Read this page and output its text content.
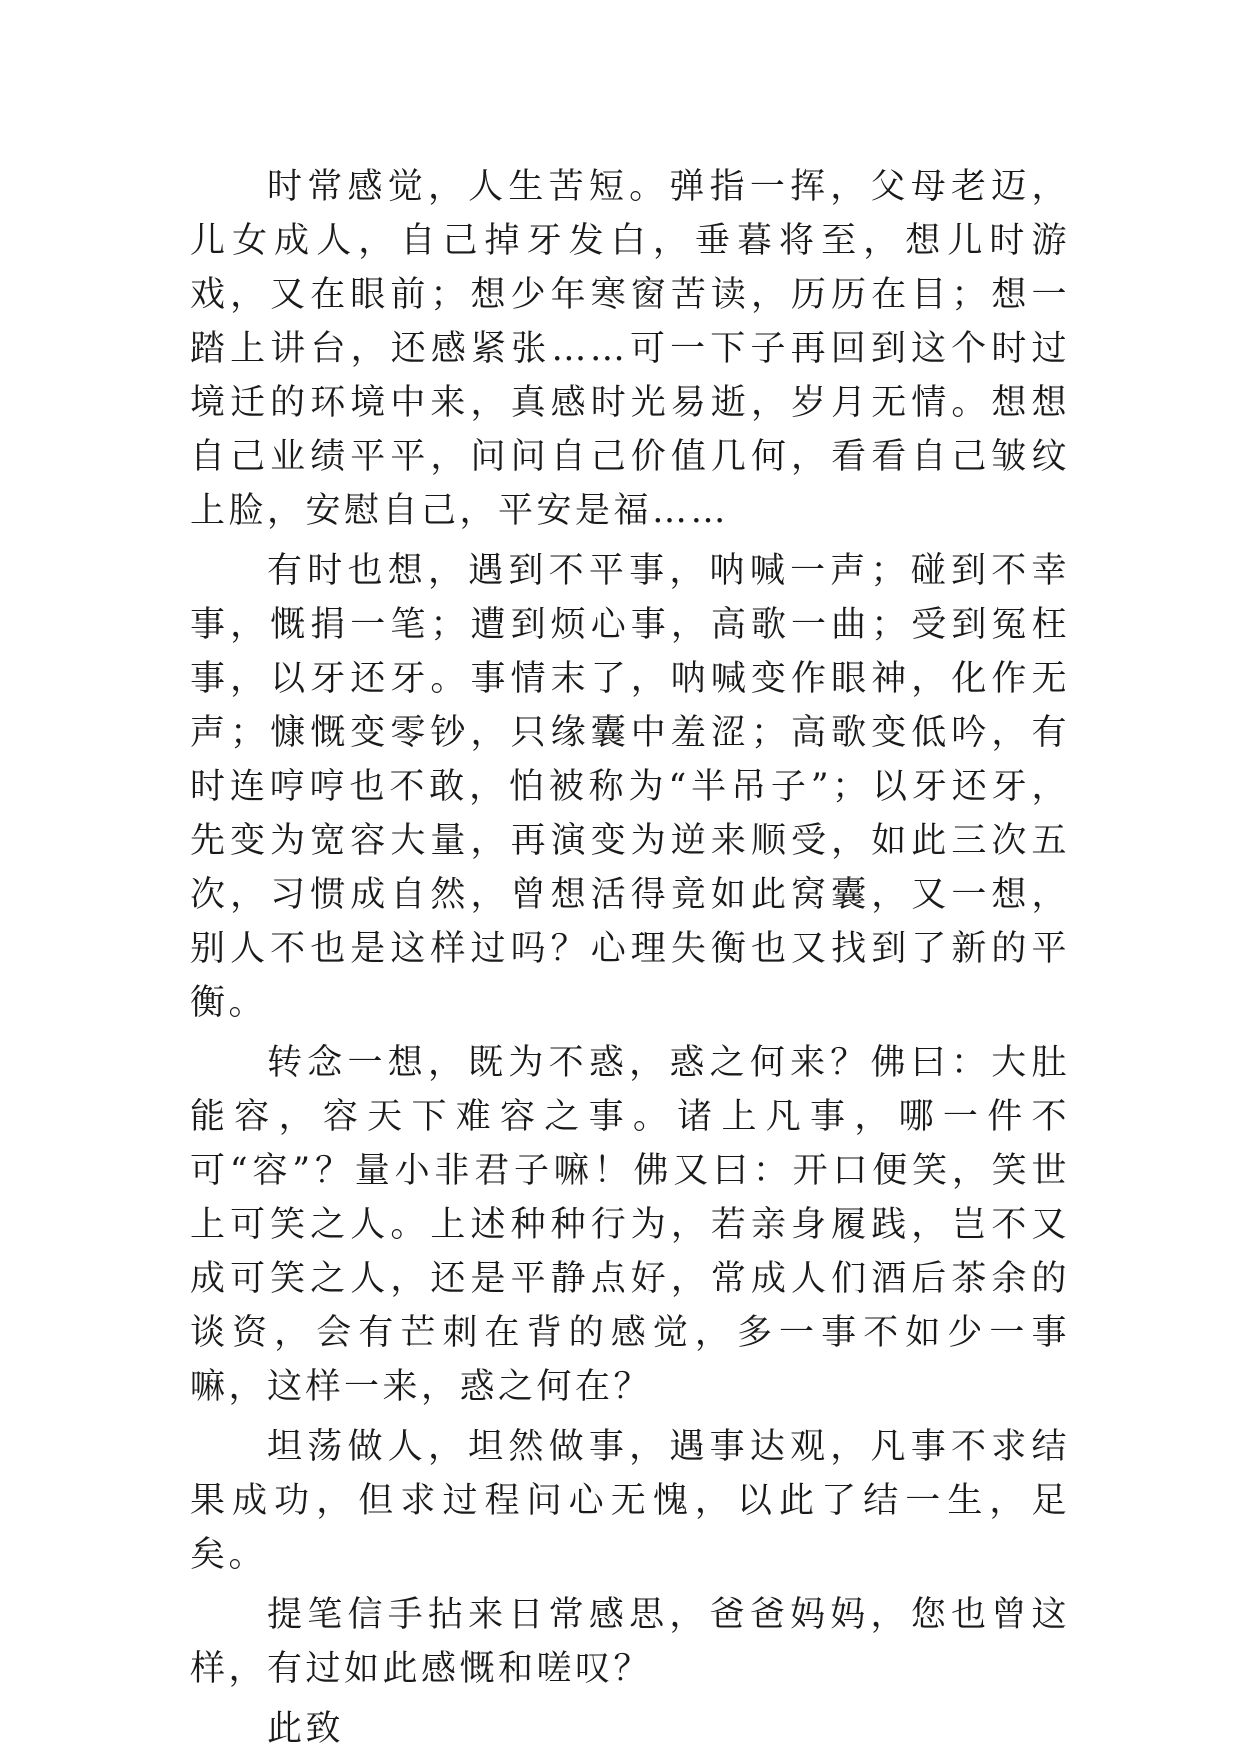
时常感觉，人生苦短。弹指一挥，父母老迈，儿女成人，自己掉牙发白，垂暮将至，想儿时游戏，又在眼前；想少年寒窗苦读，历历在目；想一踏上讲台，还感紧张……可一下子再回到这个时过境迁的环境中来，真感时光易逝，岁月无情。想想自己业绩平平，问问自己价值几何，看看自己皱纹上脸，安慰自己，平安是福……

有时也想，遇到不平事，呐喊一声；碰到不幸事，慨捐一笔；遭到烦心事，高歌一曲；受到冤枉事，以牙还牙。事情末了，呐喊变作眼神，化作无声；慷慨变零钞，只缘囊中羞涩；高歌变低吟，有时连哼哼也不敢，怕被称为“半吊子”；以牙还牙，先变为宽容大量，再演变为逆来顺受，如此三次五次，习惯成自然，曾想活得竟如此窝囊，又一想，别人不也是这样过吗？心理失衡也又找到了新的平衡。

转念一想，既为不惑，惑之何来？佛曰：大肚能容，容天下难容之事。诸上凡事，哪一件不可“容”？量小非君子嘛！佛又曰：开口便笑，笑世上可笑之人。上述种种行为，若亲身履践，岂不又成可笑之人，还是平静点好，常成人们酒后茶余的谈资，会有芒刺在背的感觉，多一事不如少一事嘛，这样一来，惑之何在？

坦荡做人，坦然做事，遇事达观，凡事不求结果成功，但求过程问心无愧，以此了结一生，足矣。

提笔信手拈来日常感思，爸爸妈妈，您也曾这样，有过如此感慨和嗟叹？

此致
